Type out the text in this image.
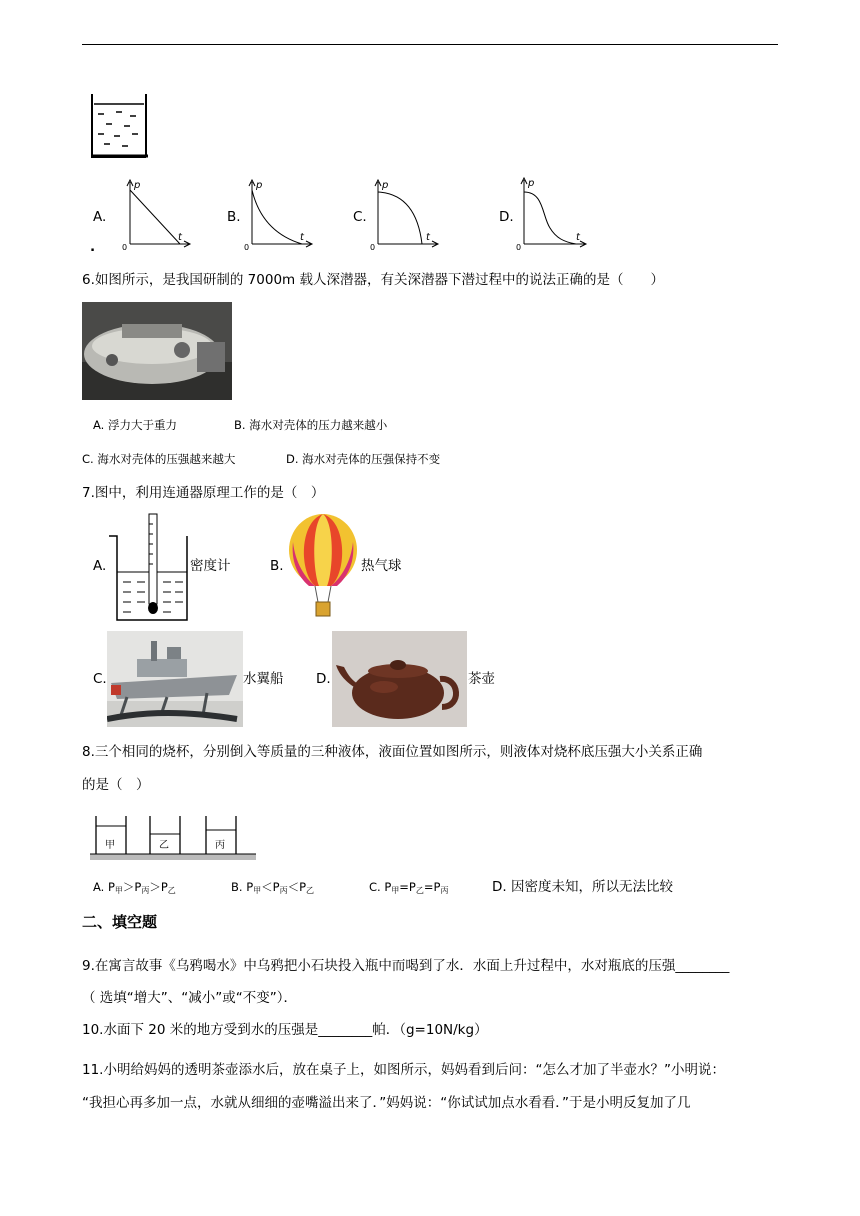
A.
.
p
t
0
B.
p
t
0
C.
p
t
0
D.
p
t
0
6.如图所示，是我国研制的 7000m 载人深潜器，有关深潜器下潜过程中的说法正确的是（　　）
A. 浮力大于重力	B. 海水对壳体的压力越来越小
C. 海水对壳体的压强越来越大	D. 海水对壳体的压强保持不变
7.图中，利用连通器原理工作的是（　）
A.	密度计	B.	热气球
C.	水翼船 D.	茶壶
8.三个相同的烧杯，分别倒入等质量的三种液体，液面位置如图所示，则液体对烧杯底压强大小关系正确
的是（　）
甲	乙	丙
A. $P_甲>P_丙>P_乙$	B. $P_甲<P_丙<P_乙$	C. $P_甲=P_乙=P_丙$	D. 因密度未知，所以无法比较
二、填空题
9.在寓言故事《乌鸦喝水》中乌鸦把小石块投入瓶中而喝到了水．水面上升过程中，水对瓶底的压强________
（ 选填“增大”、“减小”或“不变”）．
10.水面下 20 米的地方受到水的压强是________帕．（g=10N/kg）
11.小明给妈妈的透明茶壶添水后，放在桌子上，如图所示，妈妈看到后问：“怎么才加了半壶水？”小明说：
“我担心再多加一点，水就从细细的壶嘴溢出来了．”妈妈说：“你试试加点水看看．”于是小明反复加了几
